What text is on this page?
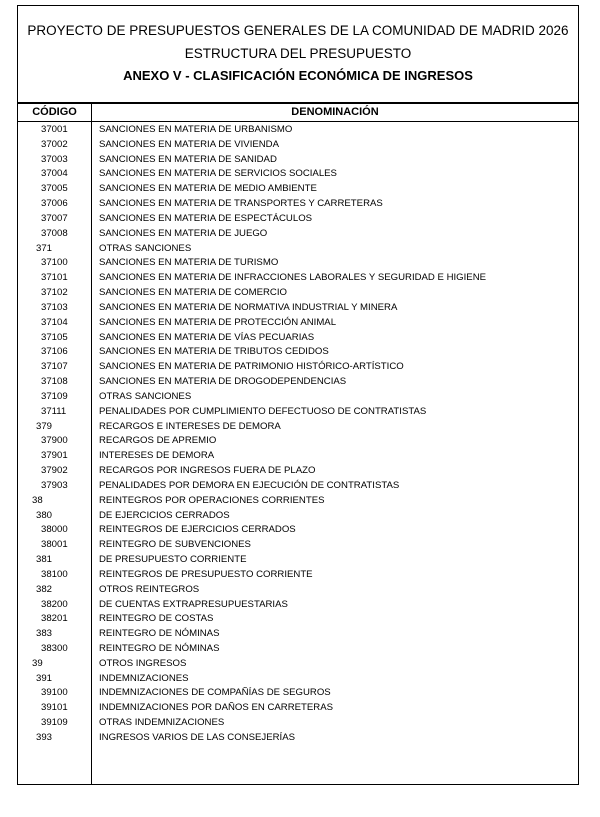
PROYECTO DE PRESUPUESTOS GENERALES DE LA COMUNIDAD DE MADRID 2026
ESTRUCTURA DEL PRESUPUESTO
ANEXO V - CLASIFICACIÓN ECONÓMICA DE INGRESOS
CÓDIGO	DENOMINACIÓN
37001	SANCIONES EN MATERIA DE URBANISMO
37002	SANCIONES EN MATERIA DE VIVIENDA
37003	SANCIONES EN MATERIA DE SANIDAD
37004	SANCIONES EN MATERIA DE SERVICIOS SOCIALES
37005	SANCIONES EN MATERIA DE MEDIO AMBIENTE
37006	SANCIONES EN MATERIA DE TRANSPORTES Y CARRETERAS
37007	SANCIONES EN MATERIA DE ESPECTÁCULOS
37008	SANCIONES EN MATERIA DE JUEGO
371	OTRAS SANCIONES
37100	SANCIONES EN MATERIA DE TURISMO
37101	SANCIONES EN MATERIA DE INFRACCIONES LABORALES Y SEGURIDAD E HIGIENE
37102	SANCIONES EN MATERIA DE COMERCIO
37103	SANCIONES EN MATERIA DE NORMATIVA INDUSTRIAL Y MINERA
37104	SANCIONES EN MATERIA DE PROTECCIÓN ANIMAL
37105	SANCIONES EN MATERIA DE VÍAS PECUARIAS
37106	SANCIONES EN MATERIA DE TRIBUTOS CEDIDOS
37107	SANCIONES EN MATERIA DE PATRIMONIO HISTÓRICO-ARTÍSTICO
37108	SANCIONES EN MATERIA DE DROGODEPENDENCIAS
37109	OTRAS SANCIONES
37111	PENALIDADES POR CUMPLIMIENTO DEFECTUOSO DE CONTRATISTAS
379	RECARGOS E INTERESES DE DEMORA
37900	RECARGOS DE APREMIO
37901	INTERESES DE DEMORA
37902	RECARGOS POR INGRESOS FUERA DE PLAZO
37903	PENALIDADES POR DEMORA EN EJECUCIÓN DE CONTRATISTAS
38	REINTEGROS POR OPERACIONES CORRIENTES
380	DE EJERCICIOS CERRADOS
38000	REINTEGROS DE EJERCICIOS CERRADOS
38001	REINTEGRO DE SUBVENCIONES
381	DE PRESUPUESTO CORRIENTE
38100	REINTEGROS DE PRESUPUESTO CORRIENTE
382	OTROS REINTEGROS
38200	DE CUENTAS EXTRAPRESUPUESTARIAS
38201	REINTEGRO DE COSTAS
383	REINTEGRO DE NÓMINAS
38300	REINTEGRO DE NÓMINAS
39	OTROS INGRESOS
391	INDEMNIZACIONES
39100	INDEMNIZACIONES DE COMPAÑÍAS DE SEGUROS
39101	INDEMNIZACIONES POR DAÑOS EN CARRETERAS
39109	OTRAS INDEMNIZACIONES
393	INGRESOS VARIOS DE LAS CONSEJERÍAS
